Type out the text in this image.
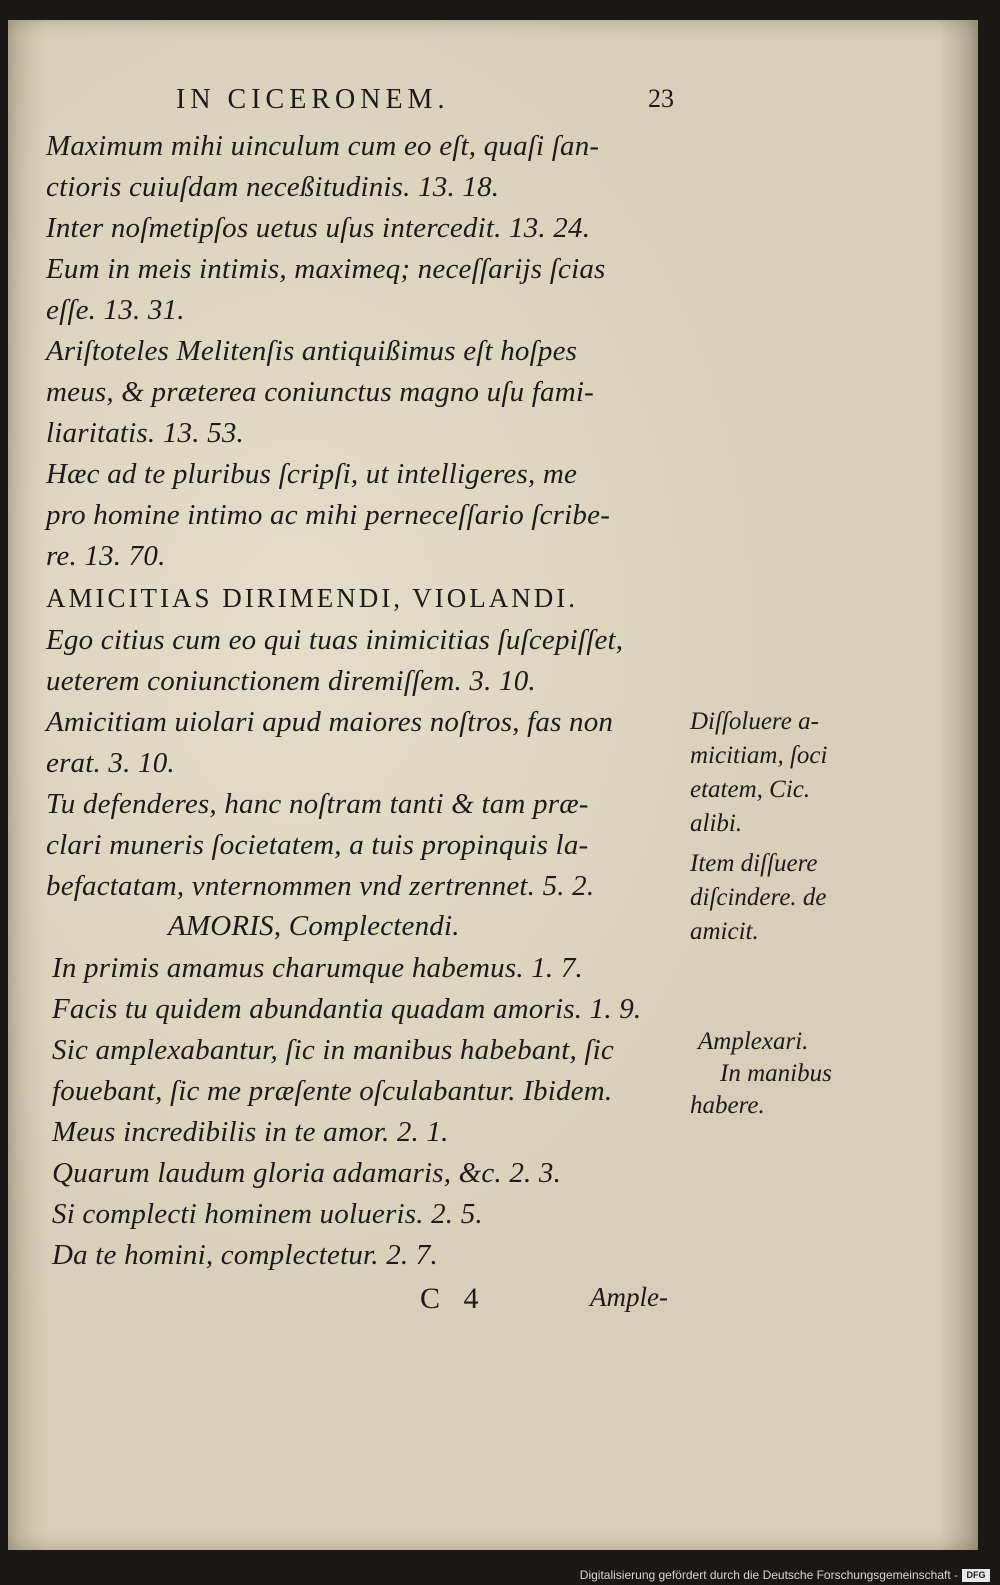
IN CICERONEM.	23
Maximum mihi uinculum cum eo eſt, quaſi ſan-
ctioris cuiuſdam neceßitudinis. 13. 18.
Inter noſmetipſos uetus uſus intercedit. 13. 24.
Eum in meis intimis, maximeq; neceſſarijs ſcias
eſſe. 13. 31.
Ariſtoteles Melitenſis antiquißimus eſt hoſpes
meus, & præterea coniunctus magno uſu fami-
liaritatis. 13. 53.
Hæc ad te pluribus ſcripſi, ut intelligeres, me
pro homine intimo ac mihi perneceſſario ſcribe-
re. 13. 70.
AMICITIAS DIRIMENDI, VIOLANDI.
Ego citius cum eo qui tuas inimicitias ſuſcepiſſet,
ueterem coniunctionem diremiſſem. 3. 10.
Amicitiam uiolari apud maiores noſtros, fas non
erat. 3. 10.
Tu defenderes, hanc noſtram tanti & tam præ-
clari muneris ſocietatem, a tuis propinquis la-
befactatam, vnternommen vnd zertrennet. 5. 2.
AMORIS, Complectendi.
In primis amamus charumque habemus. 1. 7.
Facis tu quidem abundantia quadam amoris. 1. 9.
Sic amplexabantur, ſic in manibus habebant, ſic
fouebant, ſic me præſente oſculabantur. Ibidem.
Meus incredibilis in te amor. 2. 1.
Quarum laudum gloria adamaris, &c. 2. 3.
Si complecti hominem uolueris. 2. 5.
Da te homini, complectetur. 2. 7.
Diſſoluere a-
micitiam, ſoci
etatem, Cic.
alibi.
Item diſſuere
diſcindere. de
amicit.
Amplexari.
In manibus
habere.
C 4	Ample-
Digitalisierung gefördert durch die Deutsche Forschungsgemeinschaft - DFG
